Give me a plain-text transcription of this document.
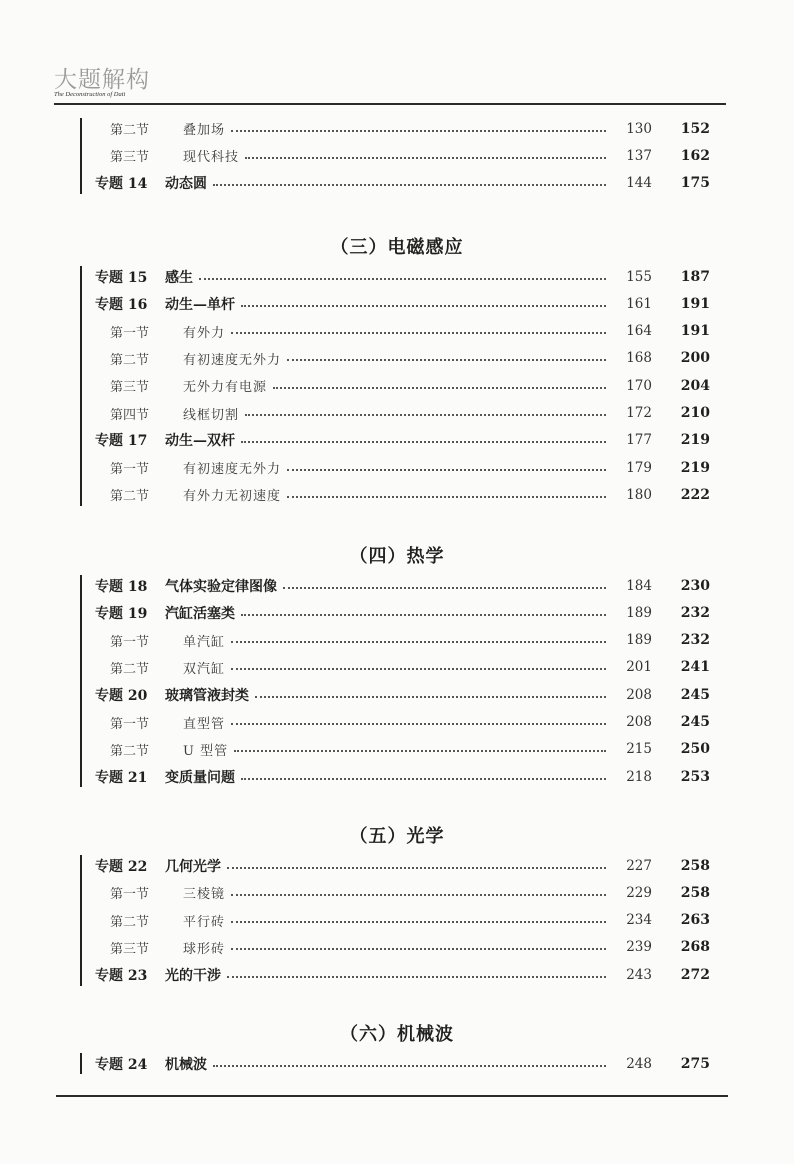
大题解构
The Deconstruction of Dati
第二节	叠加场	130	152
第三节	现代科技	137	162
专题 14	动态圆	144	175
（三）电磁感应
专题 15	感生	155	187
专题 16	动生—单杆	161	191
第一节	有外力	164	191
第二节	有初速度无外力	168	200
第三节	无外力有电源	170	204
第四节	线框切割	172	210
专题 17	动生—双杆	177	219
第一节	有初速度无外力	179	219
第二节	有外力无初速度	180	222
（四）热学
专题 18	气体实验定律图像	184	230
专题 19	汽缸活塞类	189	232
第一节	单汽缸	189	232
第二节	双汽缸	201	241
专题 20	玻璃管液封类	208	245
第一节	直型管	208	245
第二节	U 型管	215	250
专题 21	变质量问题	218	253
（五）光学
专题 22	几何光学	227	258
第一节	三棱镜	229	258
第二节	平行砖	234	263
第三节	球形砖	239	268
专题 23	光的干涉	243	272
（六）机械波
专题 24	机械波	248	275
